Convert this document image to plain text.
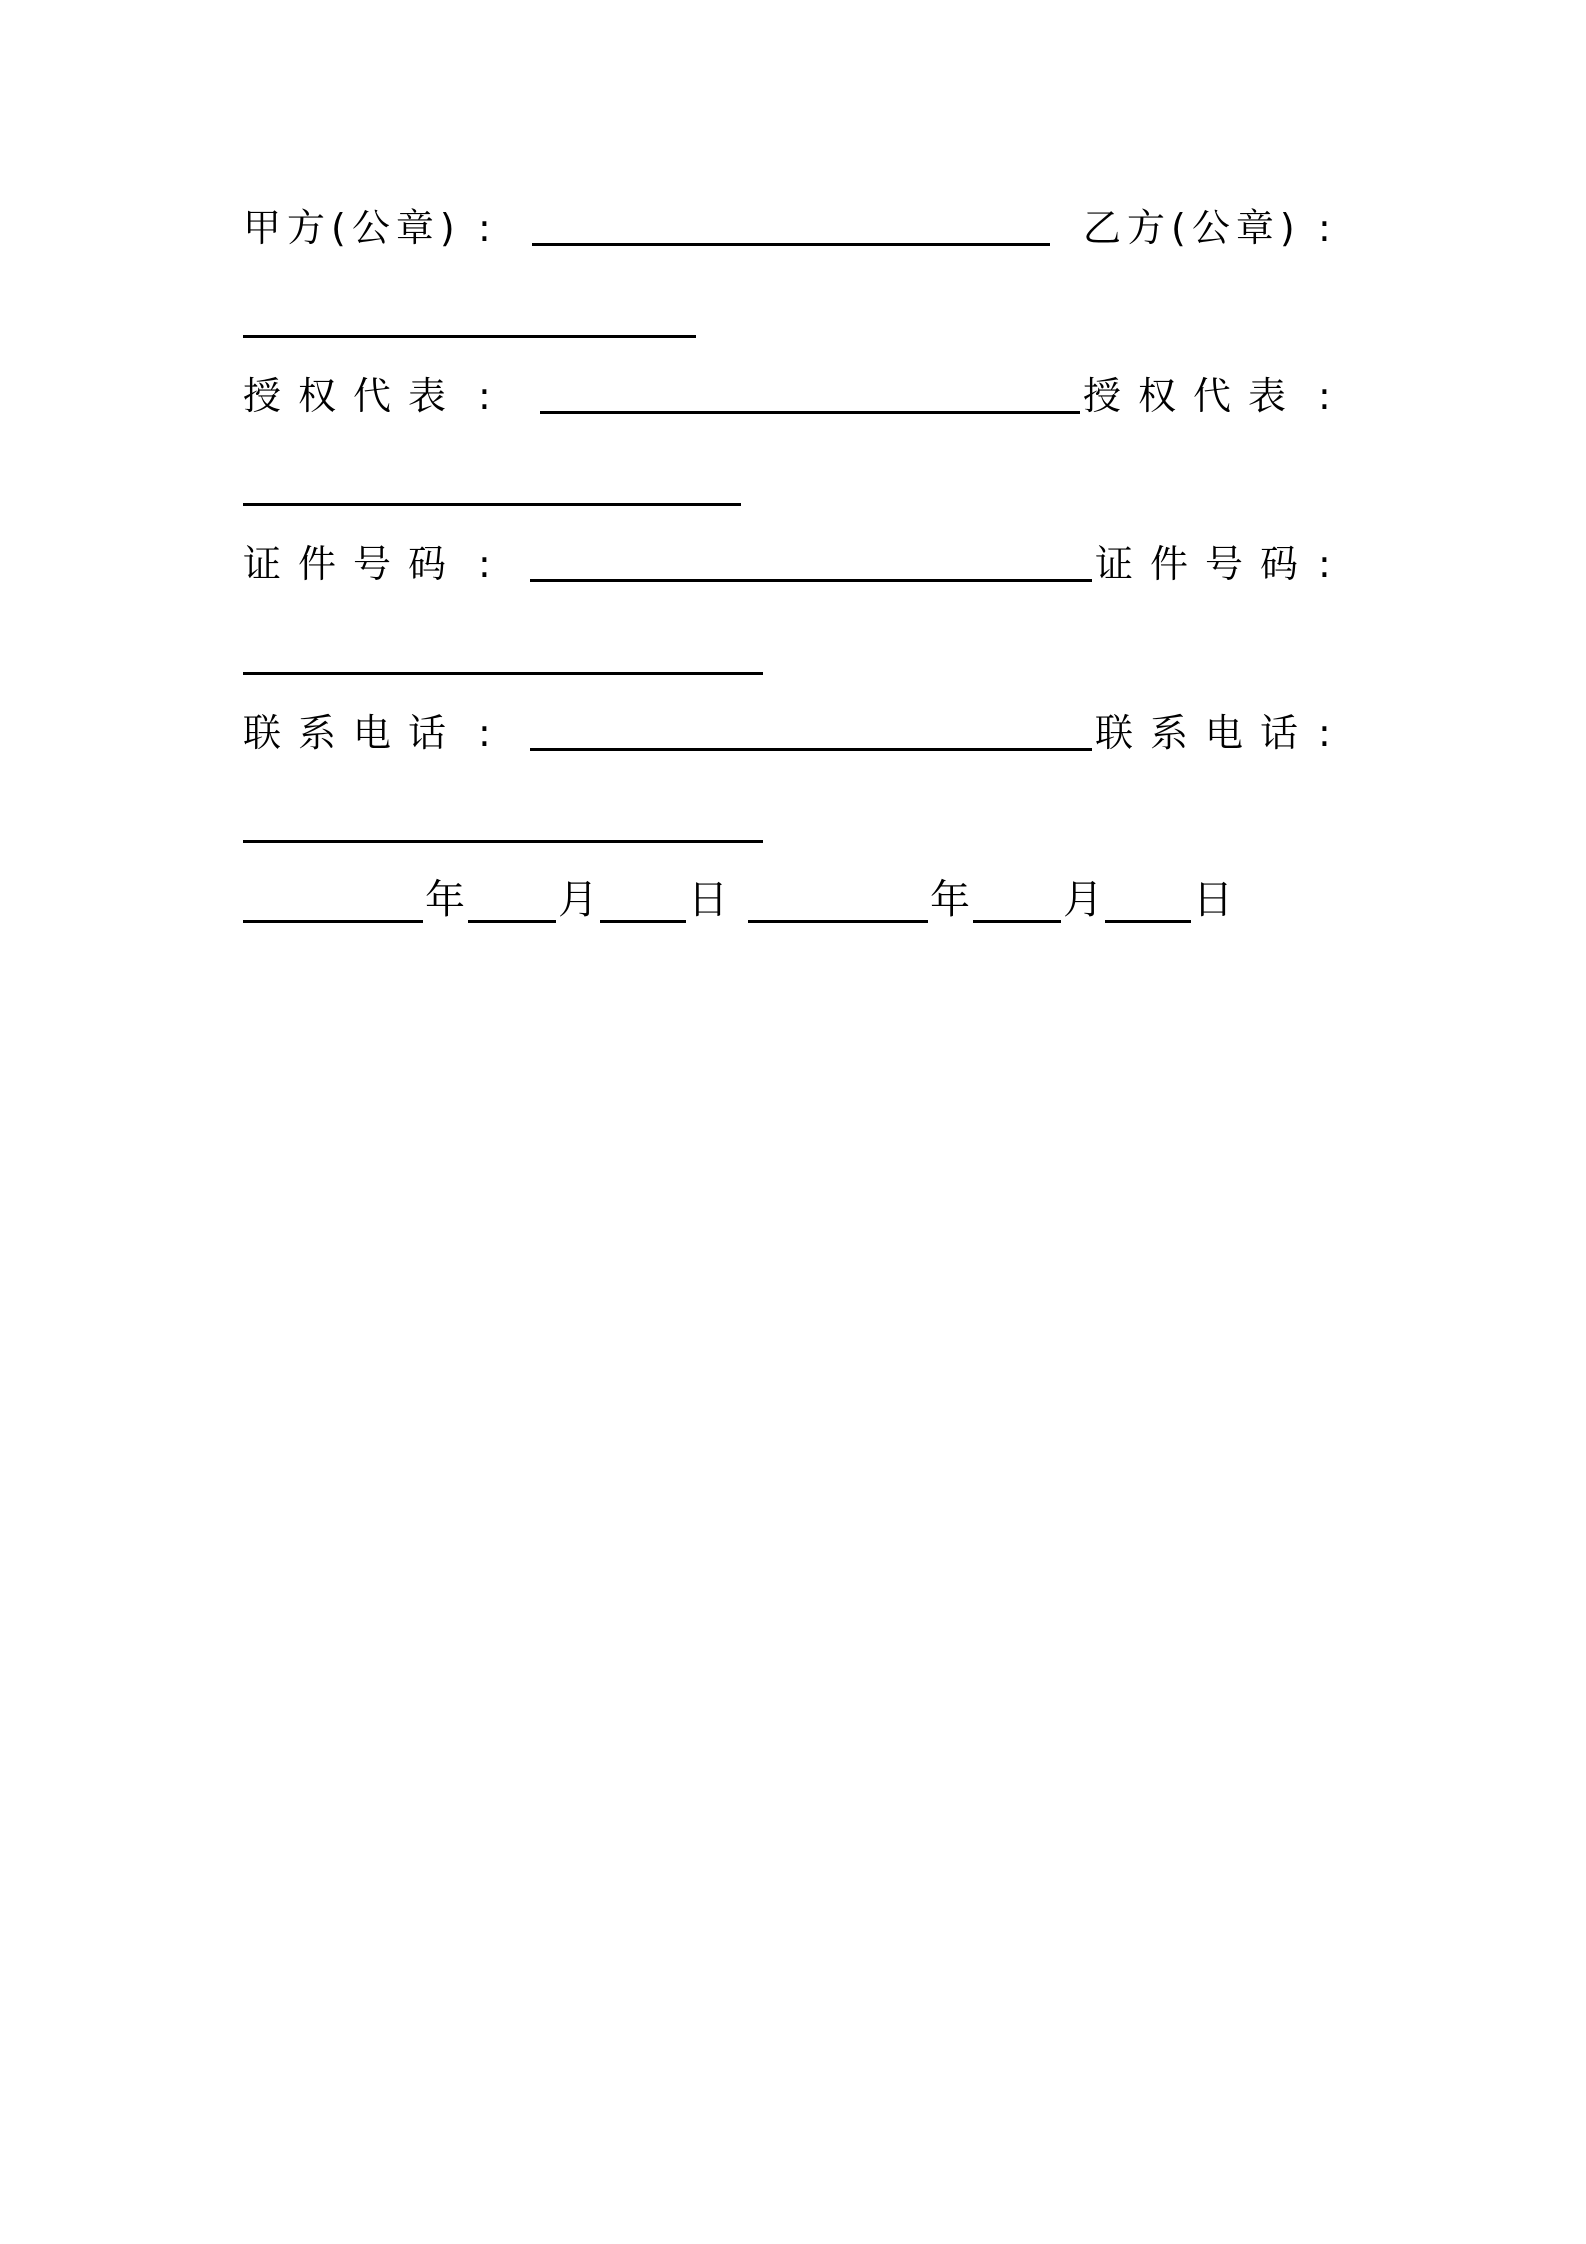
甲方(公章) :	乙方(公章) :
授权代表 :	授权代表 :
证件号码 :	证件号码 :
联系电话 :	联系电话 :
年 月 日	年 月 日
